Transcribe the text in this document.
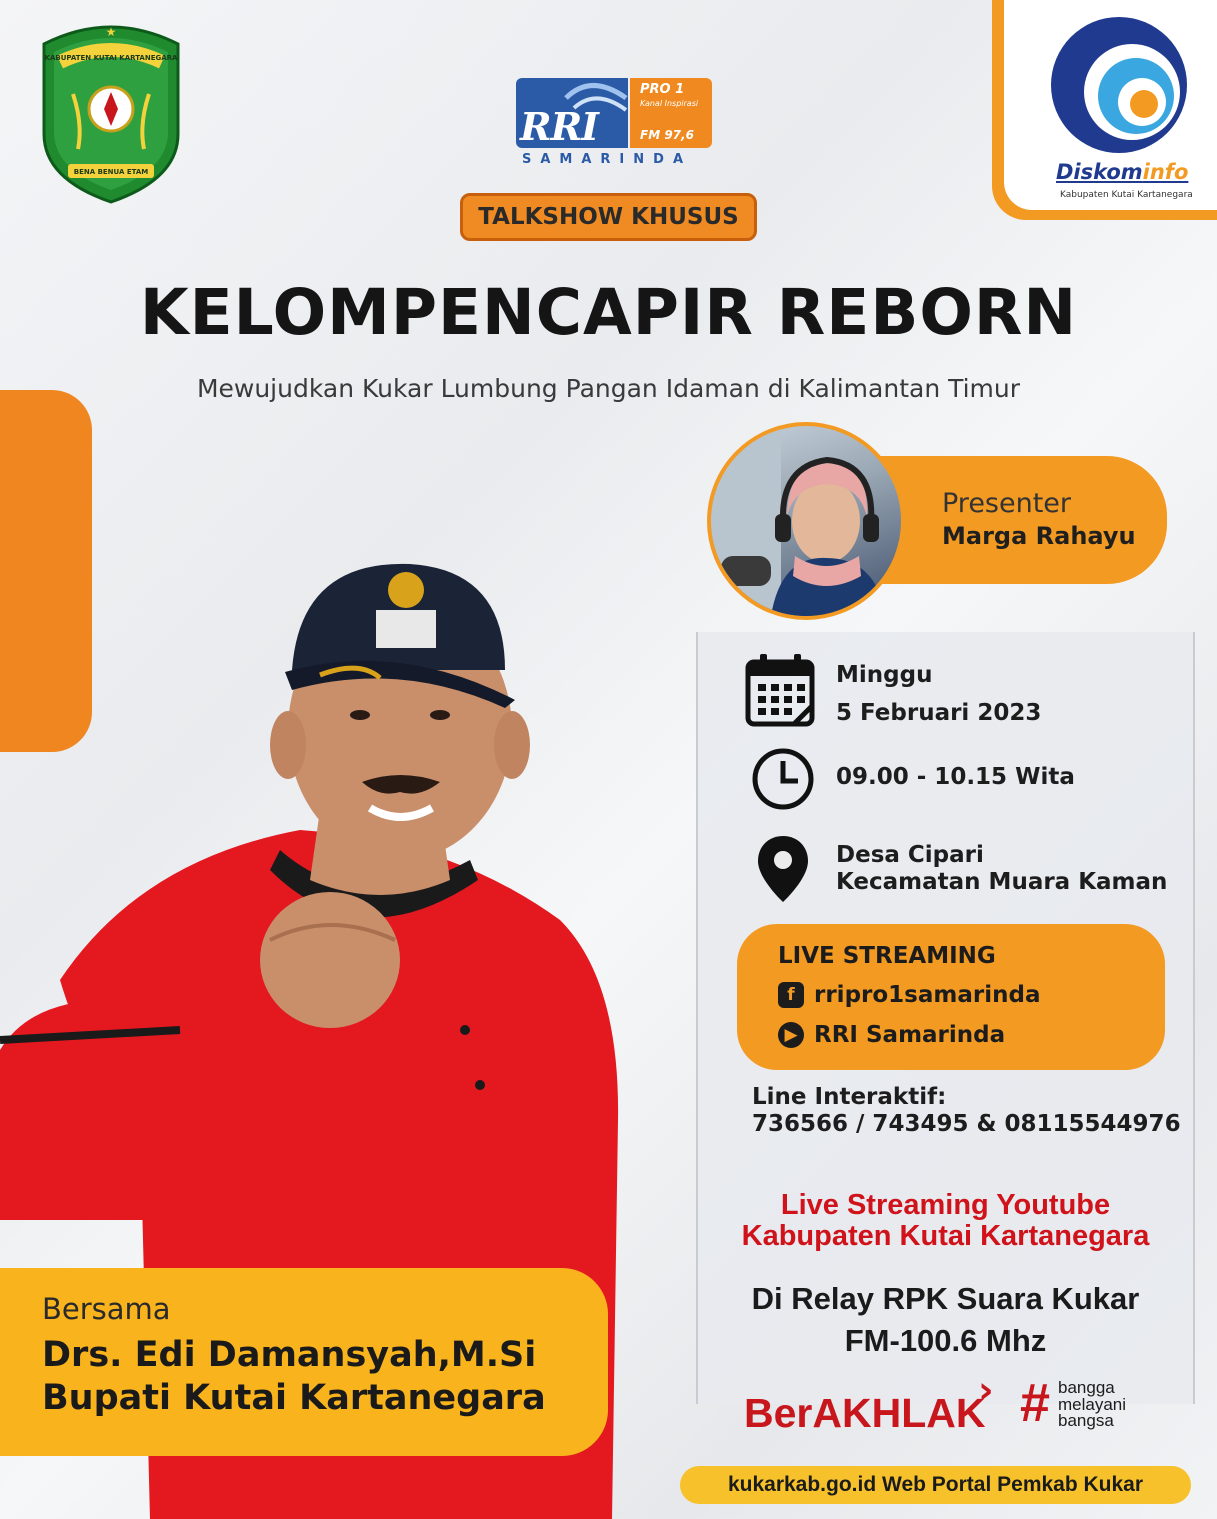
KABUPATEN KUTAI KARTANEGARA
BENA BENUA ETAM
★
RRI
PRO 1
Kanal Inspirasi
FM 97,6
SAMARINDA
TALKSHOW KHUSUS
Diskominfo
Kabupaten Kutai Kartanegara
KELOMPENCAPIR REBORN
Mewujudkan Kukar Lumbung Pangan Idaman di Kalimantan Timur
Presenter
Marga Rahayu
Minggu
5 Februari 2023
09.00 - 10.15 Wita
Desa Cipari
Kecamatan Muara Kaman
LIVE STREAMING
f rripro1samarinda
▶ RRI Samarinda
Line Interaktif:
736566 / 743495 & 08115544976
Live Streaming Youtube
Kabupaten Kutai Kartanegara
Di Relay RPK Suara Kukar
FM-100.6 Mhz
BerAKHLAK
› # bangga
melayani
bangsa
kukarkab.go.id Web Portal Pemkab Kukar
Bersama
Drs. Edi Damansyah,M.Si
Bupati Kutai Kartanegara
